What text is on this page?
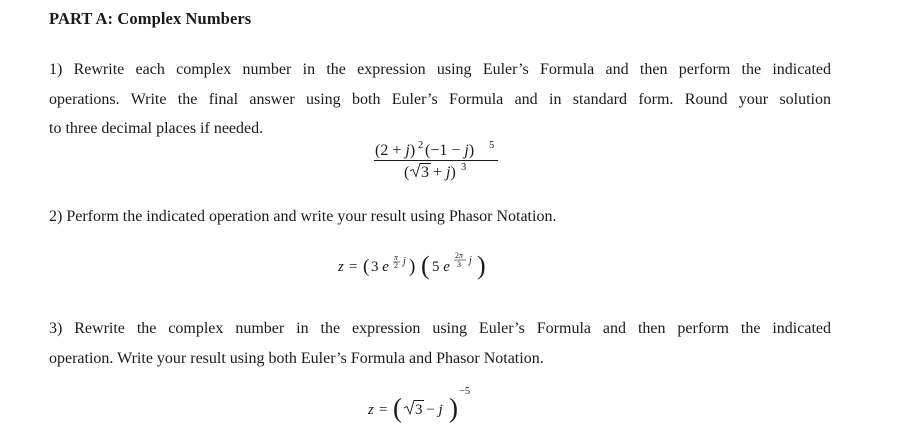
PART A: Complex Numbers
1) Rewrite each complex number in the expression using Euler’s Formula and then perform the indicated
operations. Write the final answer using both Euler’s Formula and in standard form. Round your solution
to three decimal places if needed.
(2 + j) 2 (−1 − j) 5
( 3 + j) 3
2) Perform the indicated operation and write your result using Phasor Notation.
z = ( 3 e
π
2 j ) ( 5 e
2π
3 j )
3) Rewrite the complex number in the expression using Euler’s Formula and then perform the indicated
operation. Write your result using both Euler’s Formula and Phasor Notation.
z = ( 3 − j )
−5
